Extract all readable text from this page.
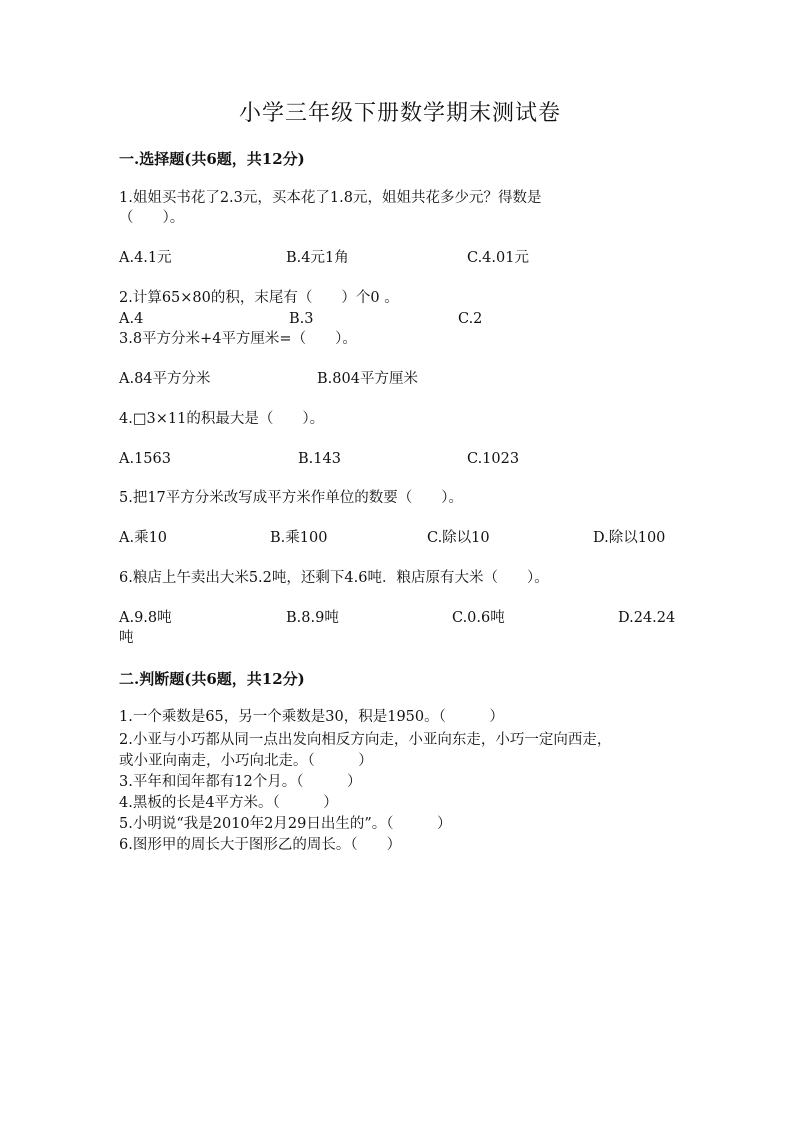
小学三年级下册数学期末测试卷
一.选择题(共6题，共12分)

1.姐姐买书花了2.3元，买本花了1.8元，姐姐共花多少元？得数是

（　　）。

A.4.1元	B.4元1角	C.4.01元

2.计算65×80的积，末尾有（　　）个0 。

A.4	B.3	C.2

3.8平方分米+4平方厘米=（　　）。

A.84平方分米	B.804平方厘米

4.□3×11的积最大是（　　）。

A.1563	B.143	C.1023

5.把17平方分米改写成平方米作单位的数要（　　）。

A.乘10	B.乘100	C.除以10	D.除以100

6.粮店上午卖出大米5.2吨，还剩下4.6吨．粮店原有大米（　　）。

A.9.8吨	B.8.9吨	C.0.6吨	D.24.24
吨
二.判断题(共6题，共12分)

1.一个乘数是65，另一个乘数是30，积是1950。（　　　）

2.小亚与小巧都从同一点出发向相反方向走，小亚向东走，小巧一定向西走，

或小亚向南走，小巧向北走。（　　　）

3.平年和闰年都有12个月。（　　　）

4.黑板的长是4平方米。（　　　）

5.小明说“我是2010年2月29日出生的”。（　　　）

6.图形甲的周长大于图形乙的周长。（　　）
